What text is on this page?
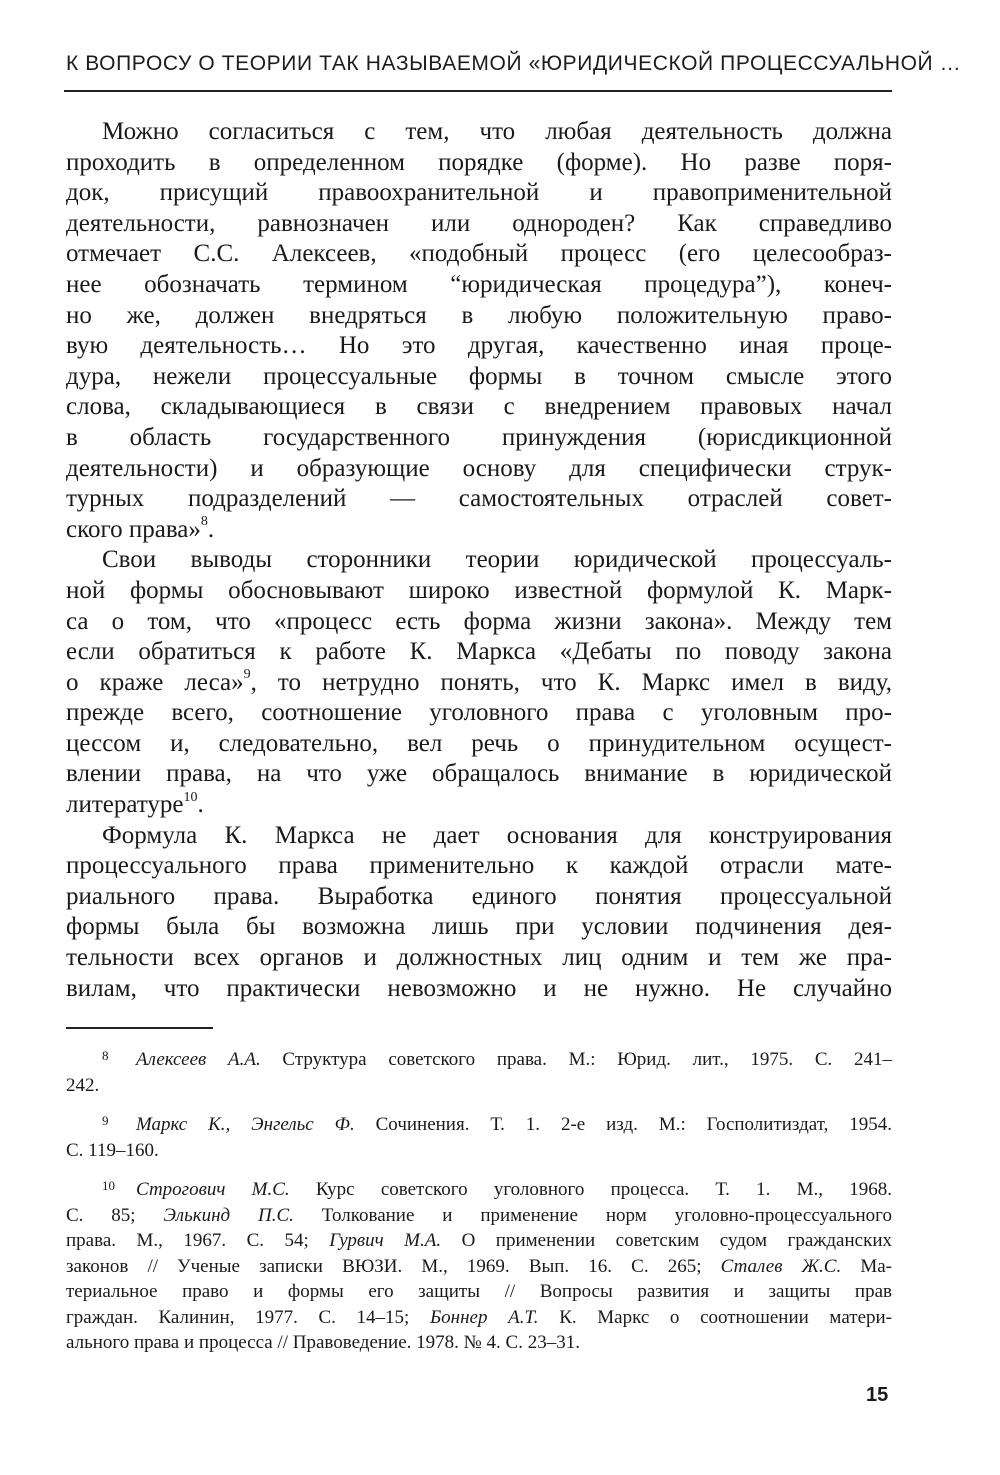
К ВОПРОСУ О ТЕОРИИ ТАК НАЗЫВАЕМОЙ «ЮРИДИЧЕСКОЙ ПРОЦЕССУАЛЬНОЙ …

Можно согласиться с тем, что любая деятельность должна
проходить в определенном порядке (форме). Но разве поря-
док, присущий правоохранительной и правоприменительной
деятельности, равнозначен или однороден? Как справедливо
отмечает С.С. Алексеев, «подобный процесс (его целесообраз-
нее обозначать термином “юридическая процедура”), конеч-
но же, должен внедряться в любую положительную право-
вую деятельность… Но это другая, качественно иная проце-
дура, нежели процессуальные формы в точном смысле этого
слова, складывающиеся в связи с внедрением правовых начал
в область государственного принуждения (юрисдикционной
деятельности) и образующие основу для специфически струк-
турных подразделений — самостоятельных отраслей совет-
ского права»$^8$.

Свои выводы сторонники теории юридической процессуаль-
ной формы обосновывают широко известной формулой К. Марк-
са о том, что «процесс есть форма жизни закона». Между тем
если обратиться к работе К. Маркса «Дебаты по поводу закона
о краже леса»$^9$, то нетрудно понять, что К. Маркс имел в виду,
прежде всего, соотношение уголовного права с уголовным про-
цессом и, следовательно, вел речь о принудительном осущест-
влении права, на что уже обращалось внимание в юридической
литературе$^{10}$.

Формула К. Маркса не дает основания для конструирования
процессуального права применительно к каждой отрасли мате-
риального права. Выработка единого понятия процессуальной
формы была бы возможна лишь при условии подчинения дея-
тельности всех органов и должностных лиц одним и тем же пра-
вилам, что практически невозможно и не нужно. Не случайно

8 Алексеев А.А. Структура советского права. М.: Юрид. лит., 1975. С. 241–
242.

9 Маркс К., Энгельс Ф. Сочинения. Т. 1. 2-е изд. М.: Госполитиздат, 1954.
С. 119–160.

10 Строгович М.С. Курс советского уголовного процесса. Т. 1. М., 1968.
С. 85; Элькинд П.С. Толкование и применение норм уголовно-процессуального
права. М., 1967. С. 54; Гурвич М.А. О применении советским судом гражданских
законов // Ученые записки ВЮЗИ. М., 1969. Вып. 16. С. 265; Сталев Ж.С. Ма-
териальное право и формы его защиты // Вопросы развития и защиты прав
граждан. Калинин, 1977. С. 14–15; Боннер А.Т. К. Маркс о соотношении матери-
ального права и процесса // Правоведение. 1978. № 4. С. 23–31.

15
